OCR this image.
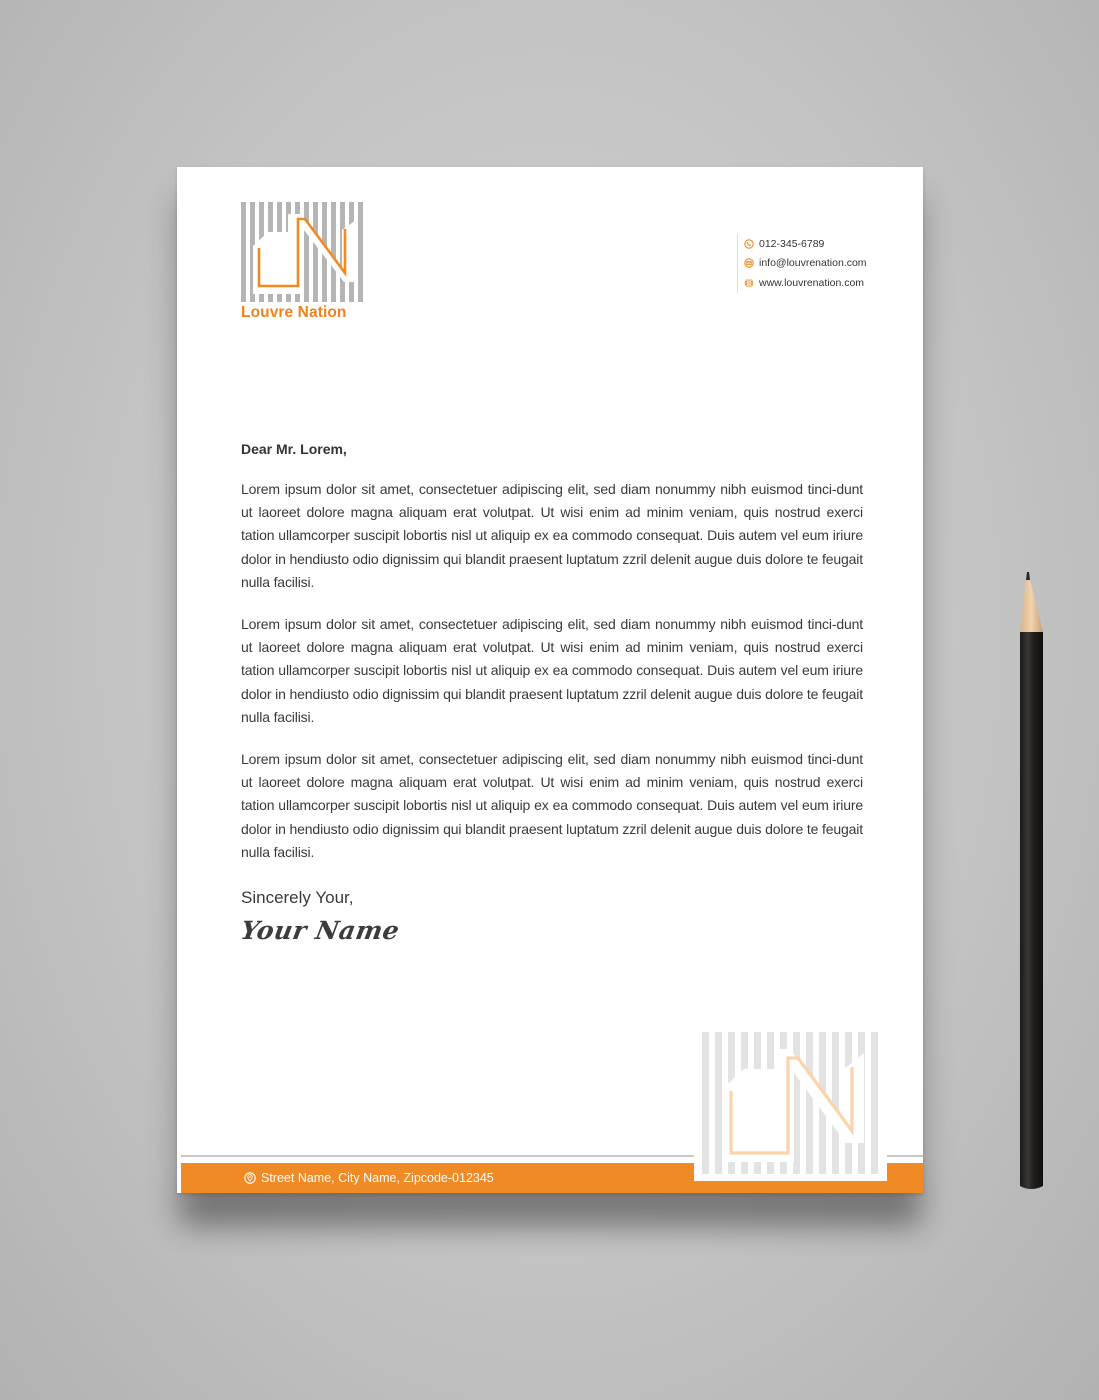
Louvre Nation
012-345-6789
info@louvrenation.com
www.louvrenation.com

Dear Mr. Lorem,

Lorem ipsum dolor sit amet, consectetuer adipiscing elit, sed diam nonummy nibh euismod tinci-dunt ut laoreet dolore magna aliquam erat volutpat. Ut wisi enim ad minim veniam, quis nostrud exerci tation ullamcorper suscipit lobortis nisl ut aliquip ex ea commodo consequat. Duis autem vel eum iriure dolor in hendiusto odio dignissim qui blandit praesent luptatum zzril delenit augue duis dolore te feugait nulla facilisi.

Lorem ipsum dolor sit amet, consectetuer adipiscing elit, sed diam nonummy nibh euismod tinci-dunt ut laoreet dolore magna aliquam erat volutpat. Ut wisi enim ad minim veniam, quis nostrud exerci tation ullamcorper suscipit lobortis nisl ut aliquip ex ea commodo consequat. Duis autem vel eum iriure dolor in hendiusto odio dignissim qui blandit praesent luptatum zzril delenit augue duis dolore te feugait nulla facilisi.

Lorem ipsum dolor sit amet, consectetuer adipiscing elit, sed diam nonummy nibh euismod tinci-dunt ut laoreet dolore magna aliquam erat volutpat. Ut wisi enim ad minim veniam, quis nostrud exerci tation ullamcorper suscipit lobortis nisl ut aliquip ex ea commodo consequat. Duis autem vel eum iriure dolor in hendiusto odio dignissim qui blandit praesent luptatum zzril delenit augue duis dolore te feugait nulla facilisi.

Sincerely Your,
Your Name
Street Name, City Name, Zipcode-012345
